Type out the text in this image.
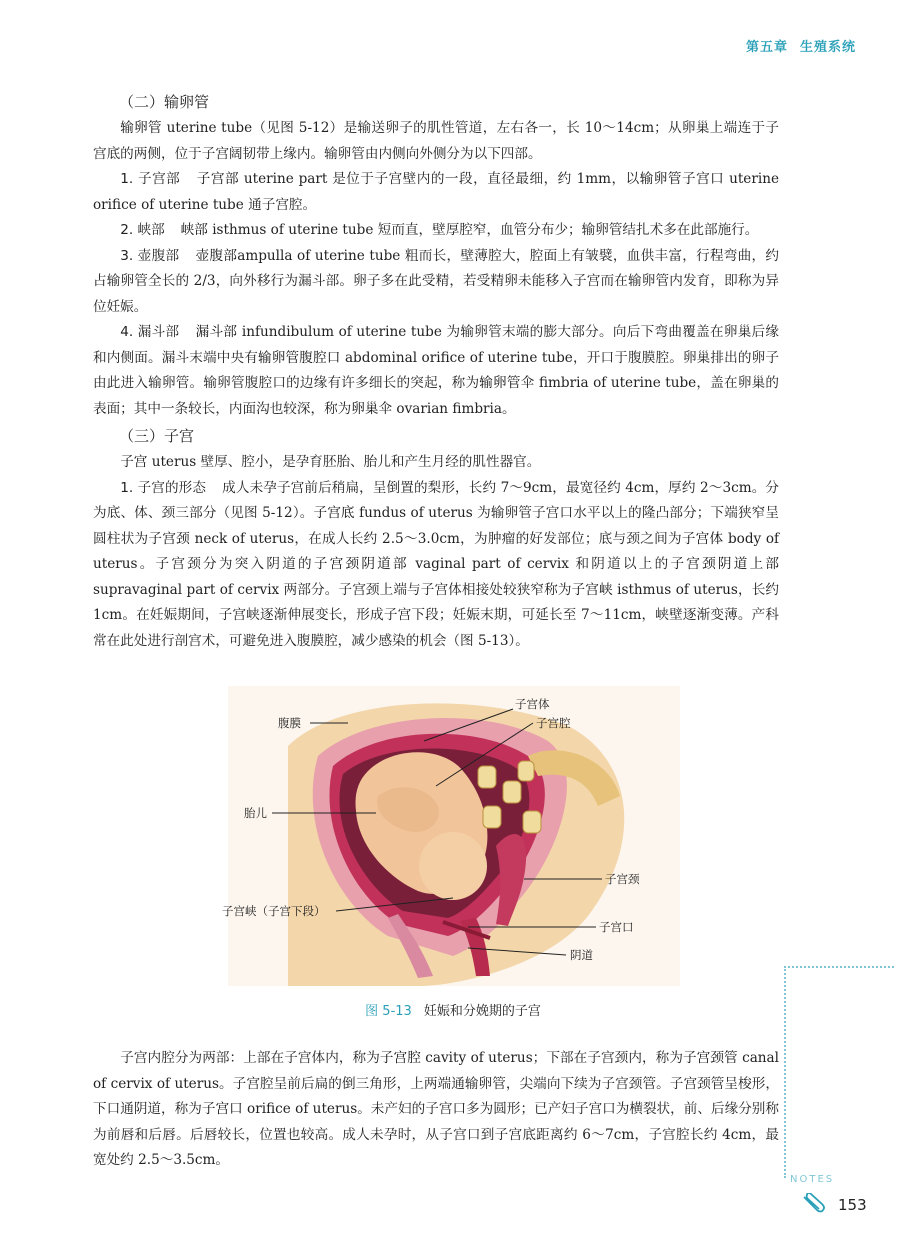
第五章 生殖系统
（二）输卵管

输卵管 uterine tube（见图 5-12）是输送卵子的肌性管道，左右各一，长 10～14cm；从卵巢上端连于子宫底的两侧，位于子宫阔韧带上缘内。输卵管由内侧向外侧分为以下四部。

1. 子宫部 子宫部 uterine part 是位于子宫壁内的一段，直径最细，约 1mm，以输卵管子宫口 uterine orifice of uterine tube 通子宫腔。

2. 峡部 峡部 isthmus of uterine tube 短而直，壁厚腔窄，血管分布少；输卵管结扎术多在此部施行。

3. 壶腹部 壶腹部ampulla of uterine tube 粗而长，壁薄腔大，腔面上有皱襞，血供丰富，行程弯曲，约占输卵管全长的 2/3，向外移行为漏斗部。卵子多在此受精，若受精卵未能移入子宫而在输卵管内发育，即称为异位妊娠。

4. 漏斗部 漏斗部 infundibulum of uterine tube 为输卵管末端的膨大部分。向后下弯曲覆盖在卵巢后缘和内侧面。漏斗末端中央有输卵管腹腔口 abdominal orifice of uterine tube，开口于腹膜腔。卵巢排出的卵子由此进入输卵管。输卵管腹腔口的边缘有许多细长的突起，称为输卵管伞 fimbria of uterine tube，盖在卵巢的表面；其中一条较长，内面沟也较深，称为卵巢伞 ovarian fimbria。

（三）子宫

子宫 uterus 壁厚、腔小，是孕育胚胎、胎儿和产生月经的肌性器官。

1. 子宫的形态 成人未孕子宫前后稍扁，呈倒置的梨形，长约 7～9cm，最宽径约 4cm，厚约 2～3cm。分为底、体、颈三部分（见图 5-12）。子宫底 fundus of uterus 为输卵管子宫口水平以上的隆凸部分；下端狭窄呈圆柱状为子宫颈 neck of uterus，在成人长约 2.5～3.0cm，为肿瘤的好发部位；底与颈之间为子宫体 body of uterus。子宫颈分为突入阴道的子宫颈阴道部 vaginal part of cervix 和阴道以上的子宫颈阴道上部 supravaginal part of cervix 两部分。子宫颈上端与子宫体相接处较狭窄称为子宫峡 isthmus of uterus，长约 1cm。在妊娠期间，子宫峡逐渐伸展变长，形成子宫下段；妊娠末期，可延长至 7～11cm，峡壁逐渐变薄。产科常在此处进行剖宫术，可避免进入腹膜腔，减少感染的机会（图 5-13）。

子宫体
子宫腔
腹膜
胎儿
子宫颈
子宫峡（子宫下段）
子宫口
阴道
图 5-13 妊娠和分娩期的子宫

子宫内腔分为两部：上部在子宫体内，称为子宫腔 cavity of uterus；下部在子宫颈内，称为子宫颈管 canal of cervix of uterus。子宫腔呈前后扁的倒三角形，上两端通输卵管，尖端向下续为子宫颈管。子宫颈管呈梭形，下口通阴道，称为子宫口 orifice of uterus。未产妇的子宫口多为圆形；已产妇子宫口为横裂状，前、后缘分别称为前唇和后唇。后唇较长，位置也较高。成人未孕时，从子宫口到子宫底距离约 6～7cm，子宫腔长约 4cm，最宽处约 2.5～3.5cm。

NOTES
153
